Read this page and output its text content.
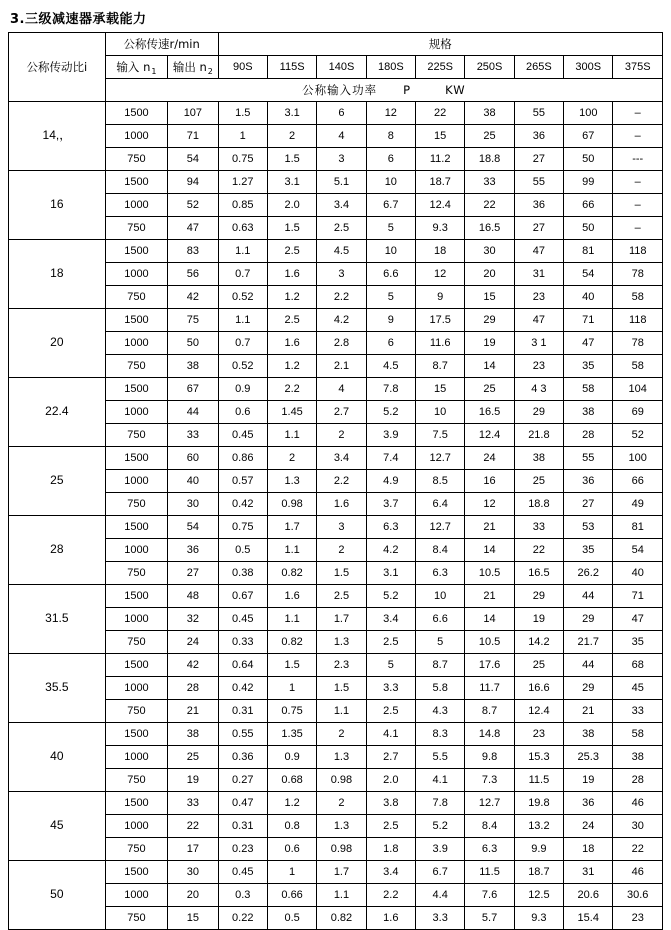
3.三级减速器承载能力
公称传动比i	公称传速r/min		规格								
	输入 $n_1$	输出 $n_2$	90S	115S	140S	180S	225S	250S	265S	300S	375S
	公称输入功率 P KW										
14,，	1500	107	1.5	3.1	6	12	22	38	55	100	–
	1000	71	1	2	4	8	15	25	36	67	–
	750	54	0.75	1.5	3	6	11.2	18.8	27	50	---
16	1500	94	1.27	3.1	5.1	10	18.7	33	55	99	–
	1000	52	0.85	2.0	3.4	6.7	12.4	22	36	66	–
	750	47	0.63	1.5	2.5	5	9.3	16.5	27	50	–
18	1500	83	1.1	2.5	4.5	10	18	30	47	81	118
	1000	56	0.7	1.6	3	6.6	12	20	31	54	78
	750	42	0.52	1.2	2.2	5	9	15	23	40	58
20	1500	75	1.1	2.5	4.2	9	17.5	29	47	71	118
	1000	50	0.7	1.6	2.8	6	11.6	19	3 1	47	78
	750	38	0.52	1.2	2.1	4.5	8.7	14	23	35	58
22.4	1500	67	0.9	2.2	4	7.8	15	25	4 3	58	104
	1000	44	0.6	1.45	2.7	5.2	10	16.5	29	38	69
	750	33	0.45	1.1	2	3.9	7.5	12.4	21.8	28	52
25	1500	60	0.86	2	3.4	7.4	12.7	24	38	55	100
	1000	40	0.57	1.3	2.2	4.9	8.5	16	25	36	66
	750	30	0.42	0.98	1.6	3.7	6.4	12	18.8	27	49
28	1500	54	0.75	1.7	3	6.3	12.7	21	33	53	81
	1000	36	0.5	1.1	2	4.2	8.4	14	22	35	54
	750	27	0.38	0.82	1.5	3.1	6.3	10.5	16.5	26.2	40
31.5	1500	48	0.67	1.6	2.5	5.2	10	21	29	44	71
	1000	32	0.45	1.1	1.7	3.4	6.6	14	19	29	47
	750	24	0.33	0.82	1.3	2.5	5	10.5	14.2	21.7	35
35.5	1500	42	0.64	1.5	2.3	5	8.7	17.6	25	44	68
	1000	28	0.42	1	1.5	3.3	5.8	11.7	16.6	29	45
	750	21	0.31	0.75	1.1	2.5	4.3	8.7	12.4	21	33
40	1500	38	0.55	1.35	2	4.1	8.3	14.8	23	38	58
	1000	25	0.36	0.9	1.3	2.7	5.5	9.8	15.3	25.3	38
	750	19	0.27	0.68	0.98	2.0	4.1	7.3	11.5	19	28
45	1500	33	0.47	1.2	2	3.8	7.8	12.7	19.8	36	46
	1000	22	0.31	0.8	1.3	2.5	5.2	8.4	13.2	24	30
	750	17	0.23	0.6	0.98	1.8	3.9	6.3	9.9	18	22
50	1500	30	0.45	1	1.7	3.4	6.7	11.5	18.7	31	46
	1000	20	0.3	0.66	1.1	2.2	4.4	7.6	12.5	20.6	30.6
	750	15	0.22	0.5	0.82	1.6	3.3	5.7	9.3	15.4	23
